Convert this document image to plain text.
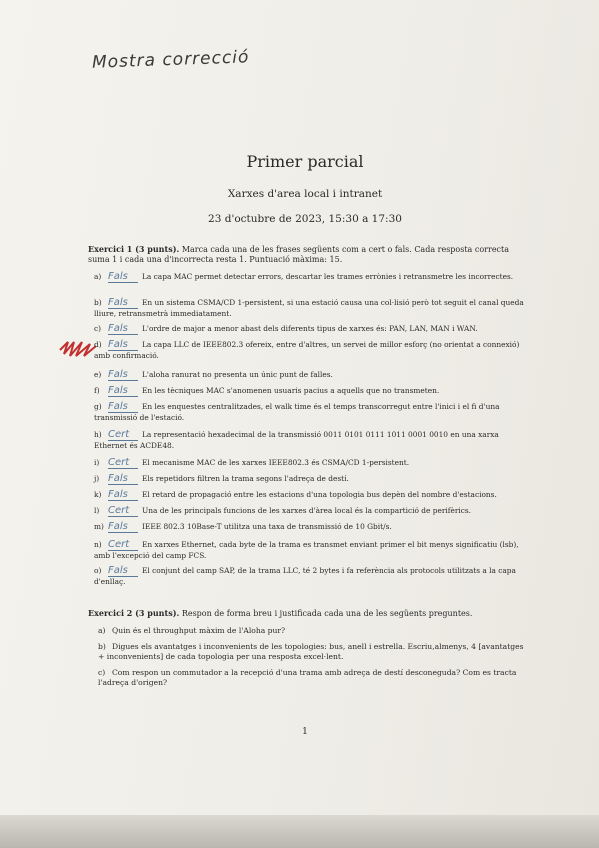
Mostra correcció
Primer parcial
Xarxes d'area local i intranet
23 d'octubre de 2023, 15:30 a 17:30
Exercici 1 (3 punts). Marca cada una de les frases següents com a cert o fals. Cada resposta correcta suma 1 i cada una d'incorrecta resta 1. Puntuació màxima: 15.
a) Fals La capa MAC permet detectar errors, descartar les trames errònies i retransmetre les incorrectes.
b) Fals En un sistema CSMA/CD 1-persistent, si una estació causa una col·lisió però tot seguit el canal queda lliure, retransmetrà immediatament.
c) Fals L'ordre de major a menor abast dels diferents tipus de xarxes és: PAN, LAN, MAN i WAN.
d) Fals La capa LLC de IEEE802.3 ofereix, entre d'altres, un servei de millor esforç (no orientat a connexió) amb confirmació.
e) Fals L'aloha ranurat no presenta un únic punt de falles.
f) Fals En les tècniques MAC s'anomenen usuaris pacius a aquells que no transmeten.
g) Fals En les enquestes centralitzades, el walk time és el temps transcorregut entre l'inici i el fi d'una transmissió de l'estació.
h) Cert La representació hexadecimal de la transmissió 0011 0101 0111 1011 0001 0010 en una xarxa Ethernet és ACDE48.
i) Cert El mecanisme MAC de les xarxes IEEE802.3 és CSMA/CD 1-persistent.
j) Fals Els repetidors filtren la trama segons l'adreça de destí.
k) Fals El retard de propagació entre les estacions d'una topologia bus depèn del nombre d'estacions.
l) Cert Una de les principals funcions de les xarxes d'àrea local és la compartició de perifèrics.
m) Fals IEEE 802.3 10Base-T utilitza una taxa de transmissió de 10 Gbit/s.
n) Cert En xarxes Ethernet, cada byte de la trama es transmet enviant primer el bit menys significatiu (lsb), amb l'excepció del camp FCS.
o) Fals El conjunt del camp SAP, de la trama LLC, té 2 bytes i fa referència als protocols utilitzats a la capa d'enllaç.
Exercici 2 (3 punts). Respon de forma breu i justificada cada una de les següents preguntes.
a) Quin és el throughput màxim de l'Aloha pur?
b) Digues els avantatges i inconvenients de les topologies: bus, anell i estrella. Escriu,almenys, 4 [avantatges + inconvenients] de cada topologia per una resposta excel·lent.
c) Com respon un commutador a la recepció d'una trama amb adreça de destí desconeguda? Com es tracta l'adreça d'origen?
1
